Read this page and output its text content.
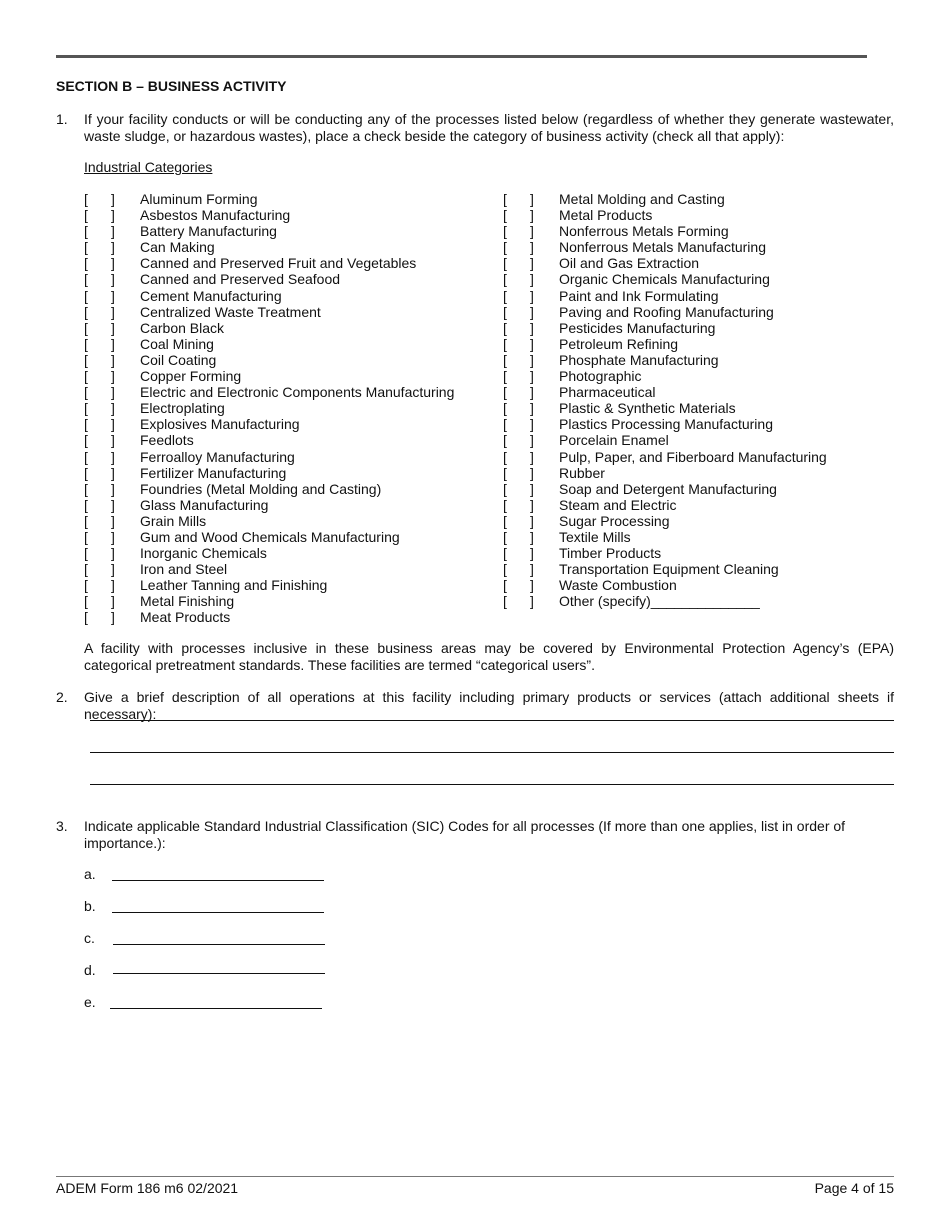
SECTION B – BUSINESS ACTIVITY
1. If your facility conducts or will be conducting any of the processes listed below (regardless of whether they generate wastewater, waste sludge, or hazardous wastes), place a check beside the category of business activity (check all that apply):
Industrial Categories
[ ] Aluminum Forming
[ ] Asbestos Manufacturing
[ ] Battery Manufacturing
[ ] Can Making
[ ] Canned and Preserved Fruit and Vegetables
[ ] Canned and Preserved Seafood
[ ] Cement Manufacturing
[ ] Centralized Waste Treatment
[ ] Carbon Black
[ ] Coal Mining
[ ] Coil Coating
[ ] Copper Forming
[ ] Electric and Electronic Components Manufacturing
[ ] Electroplating
[ ] Explosives Manufacturing
[ ] Feedlots
[ ] Ferroalloy Manufacturing
[ ] Fertilizer Manufacturing
[ ] Foundries (Metal Molding and Casting)
[ ] Glass Manufacturing
[ ] Grain Mills
[ ] Gum and Wood Chemicals Manufacturing
[ ] Inorganic Chemicals
[ ] Iron and Steel
[ ] Leather Tanning and Finishing
[ ] Metal Finishing
[ ] Meat Products
[ ] Metal Molding and Casting
[ ] Metal Products
[ ] Nonferrous Metals Forming
[ ] Nonferrous Metals Manufacturing
[ ] Oil and Gas Extraction
[ ] Organic Chemicals Manufacturing
[ ] Paint and Ink Formulating
[ ] Paving and Roofing Manufacturing
[ ] Pesticides Manufacturing
[ ] Petroleum Refining
[ ] Phosphate Manufacturing
[ ] Photographic
[ ] Pharmaceutical
[ ] Plastic & Synthetic Materials
[ ] Plastics Processing Manufacturing
[ ] Porcelain Enamel
[ ] Pulp, Paper, and Fiberboard Manufacturing
[ ] Rubber
[ ] Soap and Detergent Manufacturing
[ ] Steam and Electric
[ ] Sugar Processing
[ ] Textile Mills
[ ] Timber Products
[ ] Transportation Equipment Cleaning
[ ] Waste Combustion
[ ] Other (specify)______________
A facility with processes inclusive in these business areas may be covered by Environmental Protection Agency’s (EPA) categorical pretreatment standards. These facilities are termed “categorical users”.
2. Give a brief description of all operations at this facility including primary products or services (attach additional sheets if necessary):
3. Indicate applicable Standard Industrial Classification (SIC) Codes for all processes (If more than one applies, list in order of importance.):
a.
b.
c.
d.
e.
ADEM Form 186 m6 02/2021	Page 4 of 15
